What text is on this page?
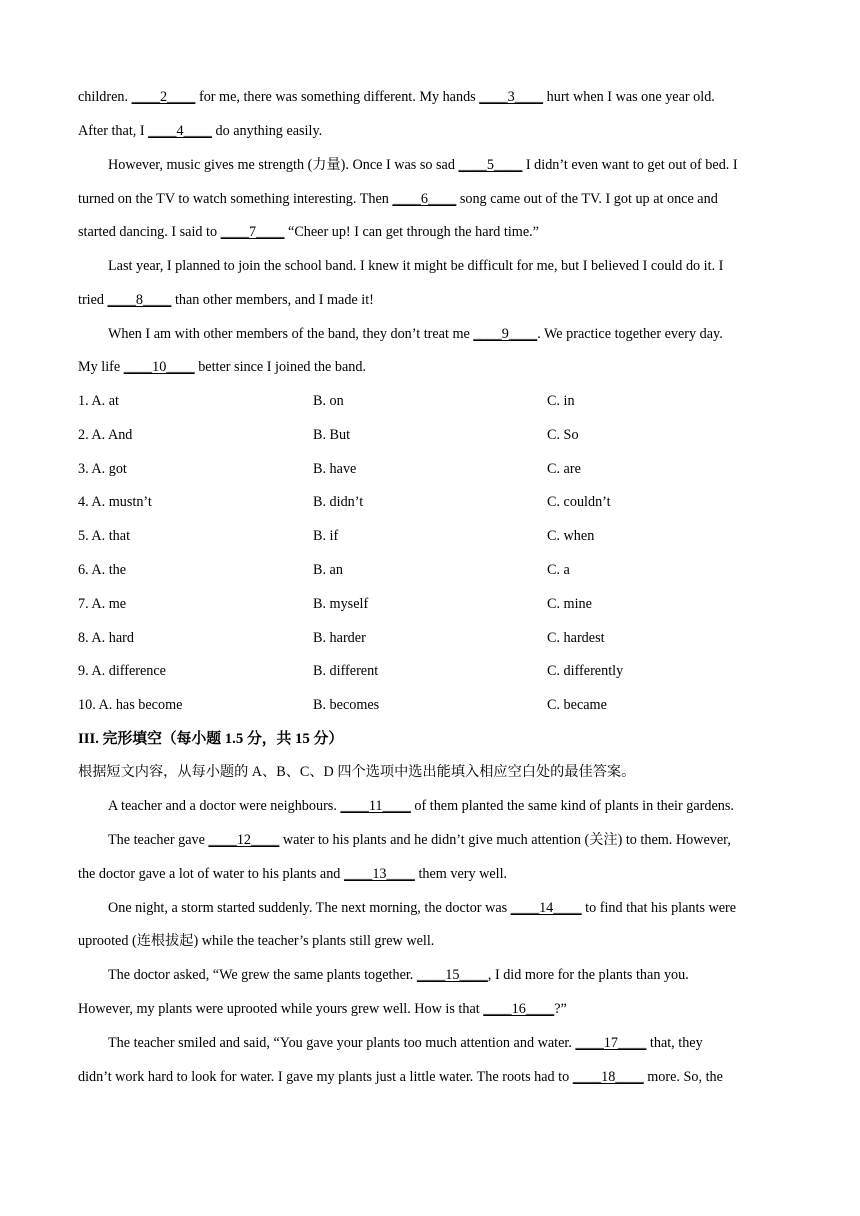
children. ____2____ for me, there was something different. My hands ____3____ hurt when I was one year old.
After that, I ____4____ do anything easily.
However, music gives me strength (力量). Once I was so sad ____5____ I didn’t even want to get out of bed. I
turned on the TV to watch something interesting. Then ____6____ song came out of the TV. I got up at once and
started dancing. I said to ____7____ “Cheer up! I can get through the hard time.”
Last year, I planned to join the school band. I knew it might be difficult for me, but I believed I could do it. I
tried ____8____ than other members, and I made it!
When I am with other members of the band, they don’t treat me ____9____. We practice together every day.
My life ____10____ better since I joined the band.
1. A. at	B. on	C. in
2. A. And	B. But	C. So
3. A. got	B. have	C. are
4. A. mustn’t	B. didn’t	C. couldn’t
5. A. that	B. if	C. when
6. A. the	B. an	C. a
7. A. me	B. myself	C. mine
8. A. hard	B. harder	C. hardest
9. A. difference	B. different	C. differently
10. A. has become	B. becomes	C. became
III. 完形填空（每小题 1.5 分，共 15 分）
根据短文内容，从每小题的 A、B、C、D 四个选项中选出能填入相应空白处的最佳答案。
A teacher and a doctor were neighbours. ____11____ of them planted the same kind of plants in their gardens.
The teacher gave ____12____ water to his plants and he didn’t give much attention (关注) to them. However,
the doctor gave a lot of water to his plants and ____13____ them very well.
One night, a storm started suddenly. The next morning, the doctor was ____14____ to find that his plants were
uprooted (连根拔起) while the teacher’s plants still grew well.
The doctor asked, “We grew the same plants together. ____15____, I did more for the plants than you.
However, my plants were uprooted while yours grew well. How is that ____16____?”
The teacher smiled and said, “You gave your plants too much attention and water. ____17____ that, they
didn’t work hard to look for water. I gave my plants just a little water. The roots had to ____18____ more. So, the
